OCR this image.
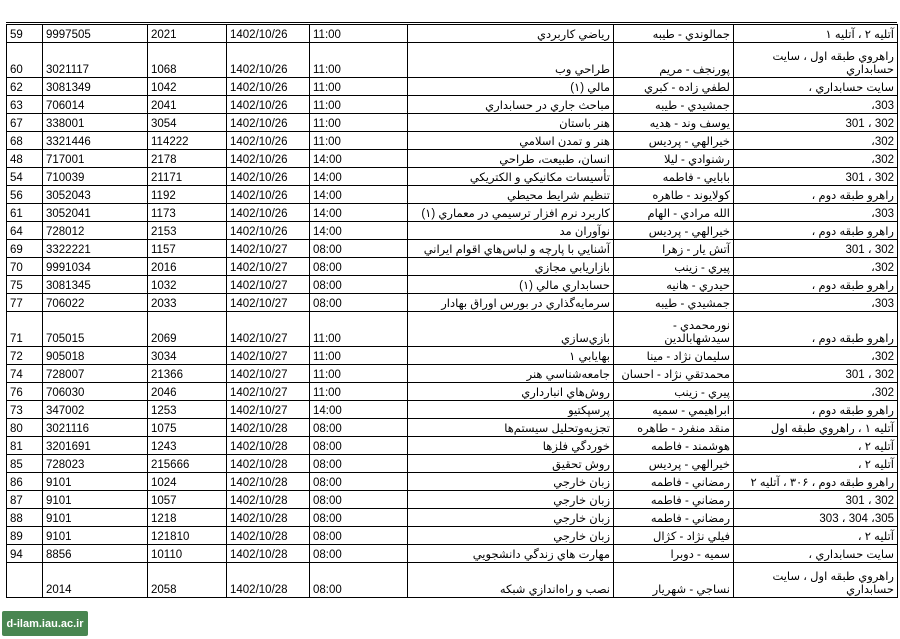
59	9997505	2021	1402/10/26	11:00	رياضي كاربردي	جمالوندي - طيبه	آتليه ۲ ، آتليه ۱
60	3021117	1068	1402/10/26	11:00	طراحي وب	پورنجف - مريم	راهروي طبقه اول ، سايت حسابداري
62	3081349	1042	1402/10/26	11:00	مالي (۱)	لطفي زاده - كبري	سايت حسابداري ،
63	706014	2041	1402/10/26	11:00	مباحث جاري در حسابداري	جمشيدي - طيبه	303،
67	338001	3054	1402/10/26	11:00	هنر باستان	يوسف وند - هديه	302 ، 301
68	3321446	114222	1402/10/26	11:00	هنر و تمدن اسلامي	خيرالهي - پرديس	302،
48	717001	2178	1402/10/26	14:00	انسان، طبيعت، طراحي	رشنوادي - ليلا	302،
54	710039	21171	1402/10/26	14:00	تأسيسات مكانيكي و الكتريكي	بابايي - فاطمه	302 ، 301
56	3052043	1192	1402/10/26	14:00	تنظيم شرايط محيطي	كولايوند - طاهره	راهرو طبقه دوم ،
61	3052041	1173	1402/10/26	14:00	كاربرد نرم افزار ترسيمي در معماري (۱)	الله مرادي - الهام	303،
64	728012	2153	1402/10/26	14:00	نوآوران مد	خيرالهي - پرديس	راهرو طبقه دوم ،
69	3322221	1157	1402/10/27	08:00	آشنايي با پارچه و لباس‌هاي اقوام ايراني	آتش يار - زهرا	302 ، 301
70	9991034	2016	1402/10/27	08:00	بازاريابي مجازي	پيري - زينب	302،
75	3081345	1032	1402/10/27	08:00	حسابداري مالي (۱)	حيدري - هانيه	راهرو طبقه دوم ،
77	706022	2033	1402/10/27	08:00	سرمايه‌گذاري در بورس اوراق بهادار	جمشيدي - طيبه	303،
71	705015	2069	1402/10/27	11:00	بازي‌سازي	نورمحمدي - سيدشهابالدين	راهرو طبقه دوم ،
72	905018	3034	1402/10/27	11:00	بهايابي ۱	سليمان نژاد - مينا	302،
74	728007	21366	1402/10/27	11:00	جامعه‌شناسي هنر	محمدتقي نژاد - احسان	302 ، 301
76	706030	2046	1402/10/27	11:00	روش‌هاي انبارداري	پيري - زينب	302،
73	347002	1253	1402/10/27	14:00	پرسپكتيو	ابراهيمي - سميه	راهرو طبقه دوم ،
80	3021116	1075	1402/10/28	08:00	تجزيه‌وتحليل سيستم‌ها	منقد منفرد - طاهره	آتليه ۱ ، راهروي طبقه اول
81	3201691	1243	1402/10/28	08:00	خوردگي فلزها	هوشمند - فاطمه	آتليه ۲ ،
85	728023	215666	1402/10/28	08:00	روش تحقيق	خيرالهي - پرديس	آتليه ۲ ،
86	9101	1024	1402/10/28	08:00	زبان خارجي	رمضاني - فاطمه	راهرو طبقه دوم ، ۳۰۶ ، آتليه ۲
87	9101	1057	1402/10/28	08:00	زبان خارجي	رمضاني - فاطمه	302 ، 301
88	9101	1218	1402/10/28	08:00	زبان خارجي	رمضاني - فاطمه	305، 304 ، 303
89	9101	121810	1402/10/28	08:00	زبان خارجي	فيلي نژاد - كژال	آتليه ۲ ،
94	8856	10110	1402/10/28	08:00	مهارت هاي زندگي دانشجويي	سميه - دوبرا	سايت حسابداري ،
	2014	2058	1402/10/28	08:00	نصب و راه‌اندازي شبكه	نساجي - شهريار	راهروي طبقه اول ، سايت حسابداري
d-ilam.iau.ac.ir
